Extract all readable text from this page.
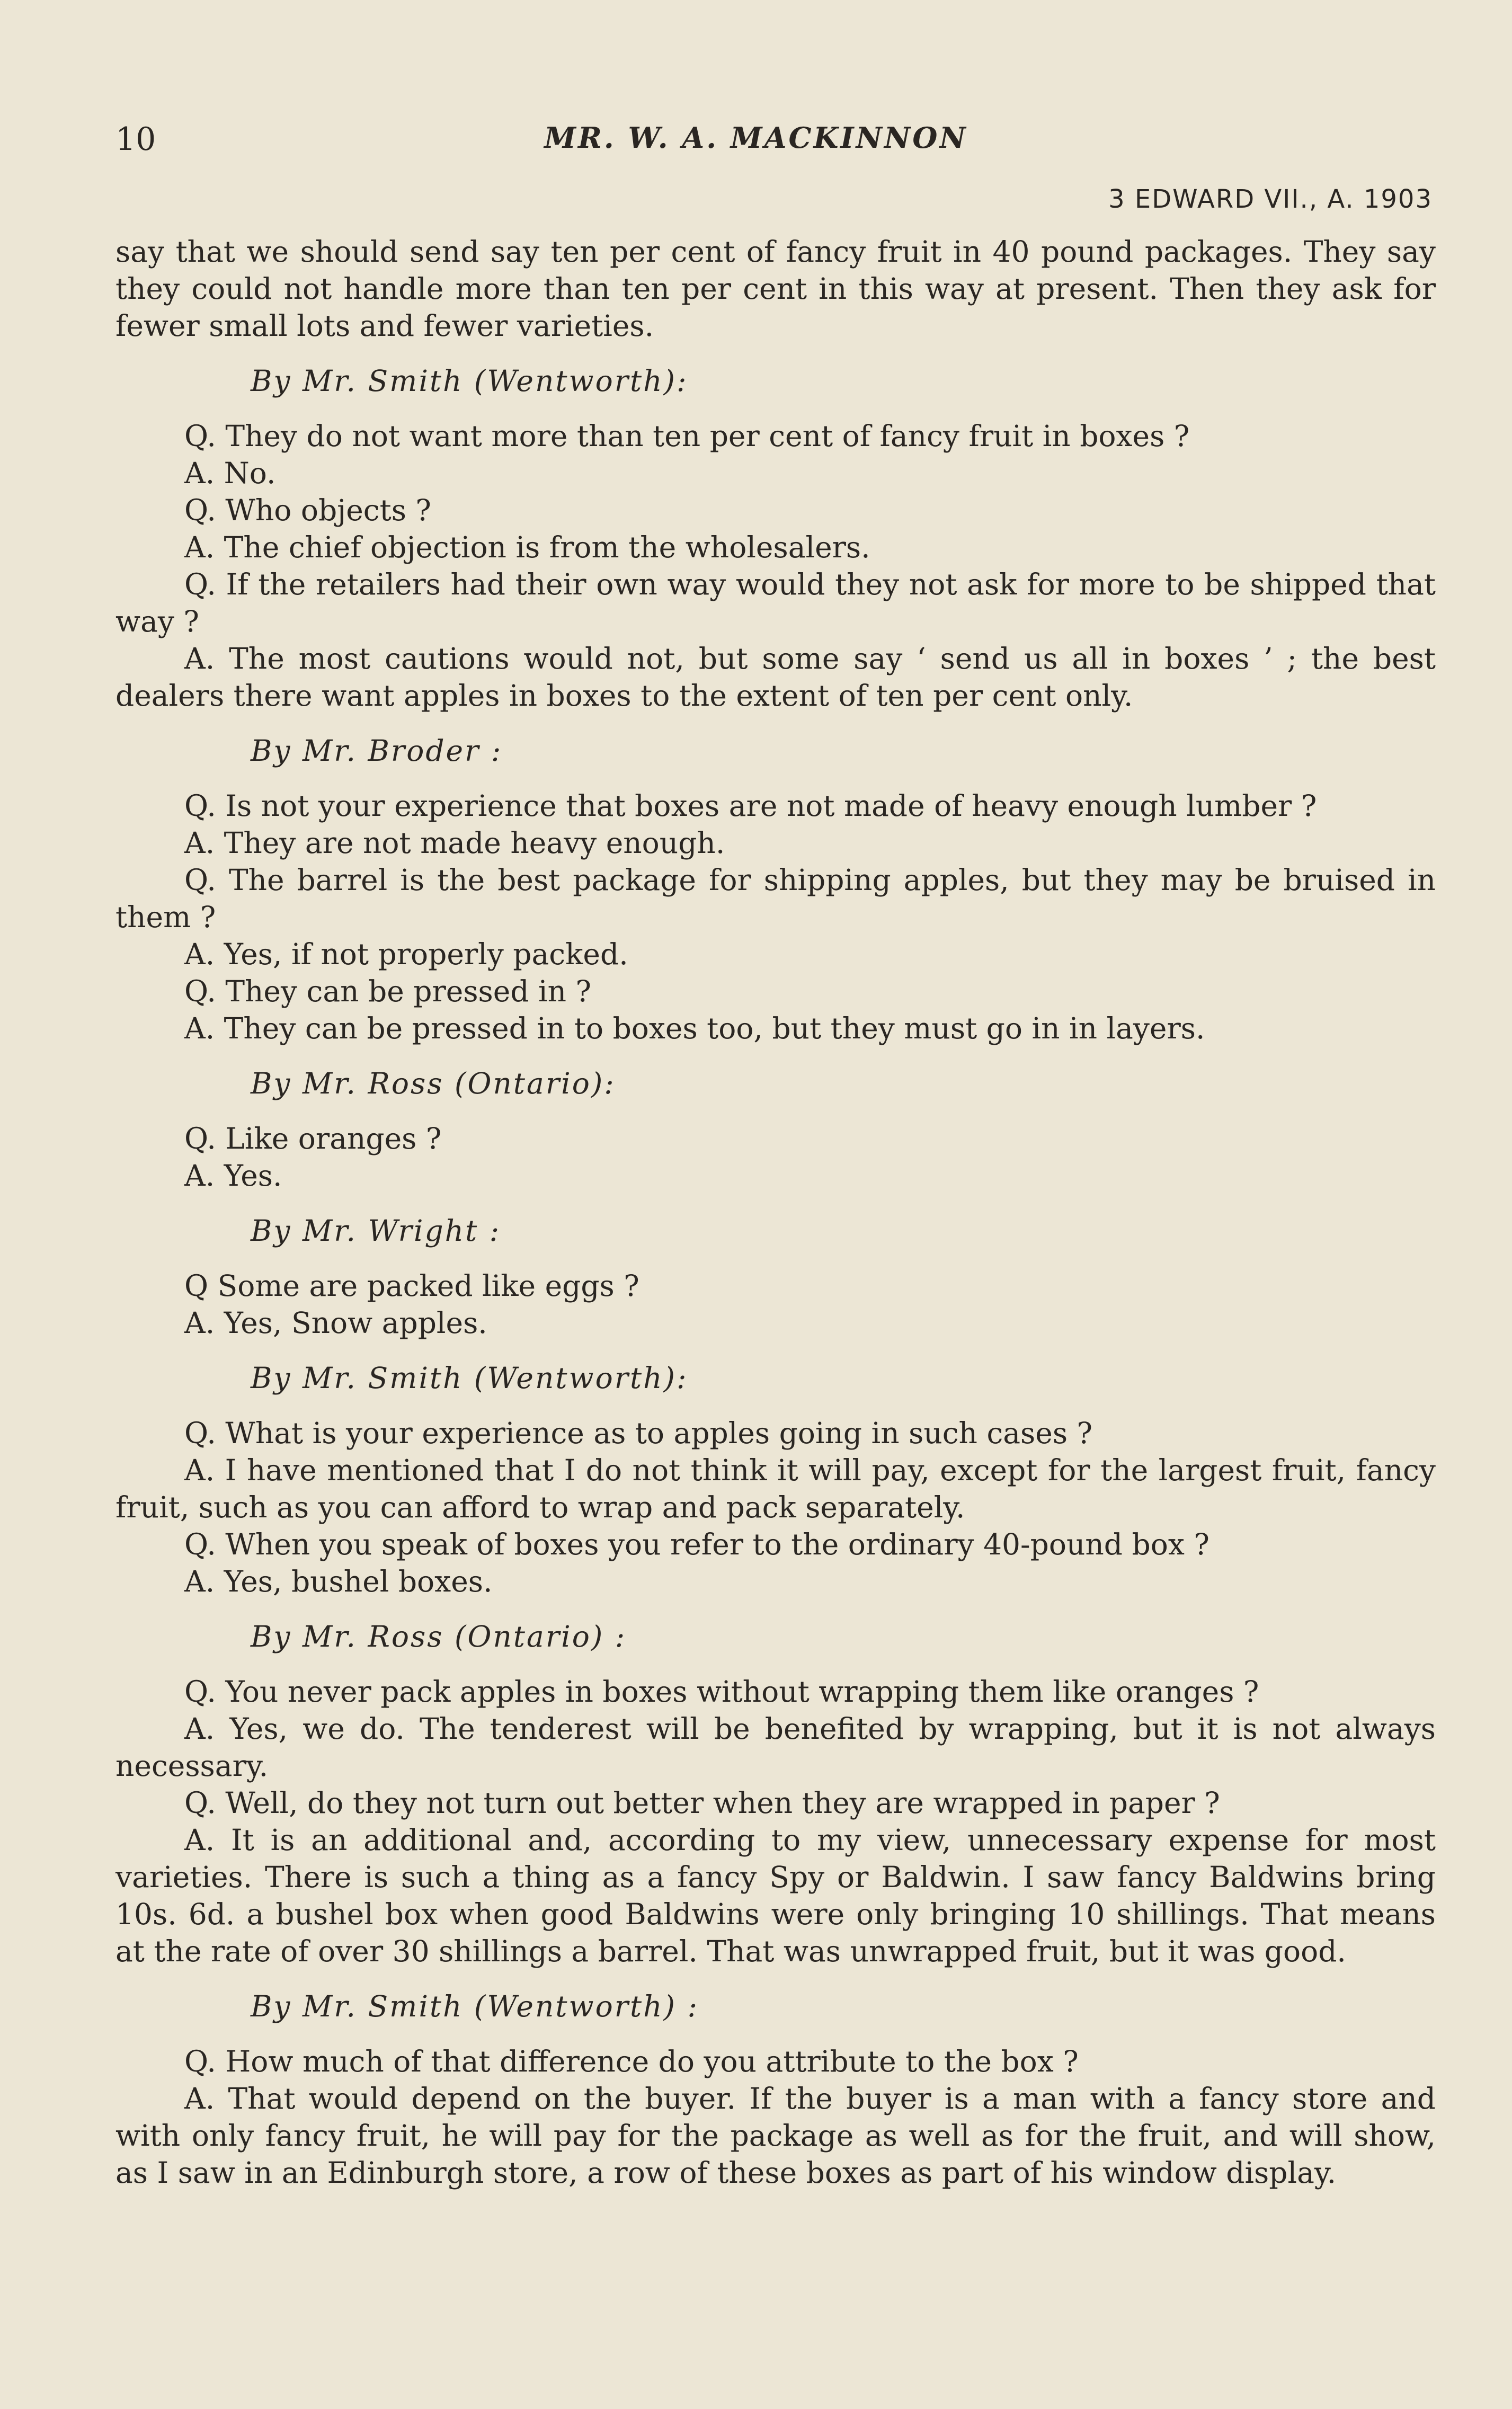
10	MR. W. A. MACKINNON
3 EDWARD VII., A. 1903

say that we should send say ten per cent of fancy fruit in 40 pound packages. They say they could not handle more than ten per cent in this way at present. Then they ask for fewer small lots and fewer varieties.

By Mr. Smith (Wentworth):

Q. They do not want more than ten per cent of fancy fruit in boxes ?

A. No.

Q. Who objects ?

A. The chief objection is from the wholesalers.

Q. If the retailers had their own way would they not ask for more to be shipped that way ?

A. The most cautions would not, but some say ‘ send us all in boxes ’ ; the best dealers there want apples in boxes to the extent of ten per cent only.

By Mr. Broder :

Q. Is not your experience that boxes are not made of heavy enough lumber ?

A. They are not made heavy enough.

Q. The barrel is the best package for shipping apples, but they may be bruised in them ?

A. Yes, if not properly packed.

Q. They can be pressed in ?

A. They can be pressed in to boxes too, but they must go in in layers.

By Mr. Ross (Ontario):

Q. Like oranges ?

A. Yes.

By Mr. Wright :

Q Some are packed like eggs ?

A. Yes, Snow apples.

By Mr. Smith (Wentworth):

Q. What is your experience as to apples going in such cases ?

A. I have mentioned that I do not think it will pay, except for the largest fruit, fancy fruit, such as you can afford to wrap and pack separately.

Q. When you speak of boxes you refer to the ordinary 40-pound box ?

A. Yes, bushel boxes.

By Mr. Ross (Ontario) :

Q. You never pack apples in boxes without wrapping them like oranges ?

A. Yes, we do. The tenderest will be benefited by wrapping, but it is not always necessary.

Q. Well, do they not turn out better when they are wrapped in paper ?

A. It is an additional and, according to my view, unnecessary expense for most varieties. There is such a thing as a fancy Spy or Baldwin. I saw fancy Baldwins bring 10s. 6d. a bushel box when good Baldwins were only bringing 10 shillings. That means at the rate of over 30 shillings a barrel. That was unwrapped fruit, but it was good.

By Mr. Smith (Wentworth) :

Q. How much of that difference do you attribute to the box ?

A. That would depend on the buyer. If the buyer is a man with a fancy store and with only fancy fruit, he will pay for the package as well as for the fruit, and will show, as I saw in an Edinburgh store, a row of these boxes as part of his window display.
